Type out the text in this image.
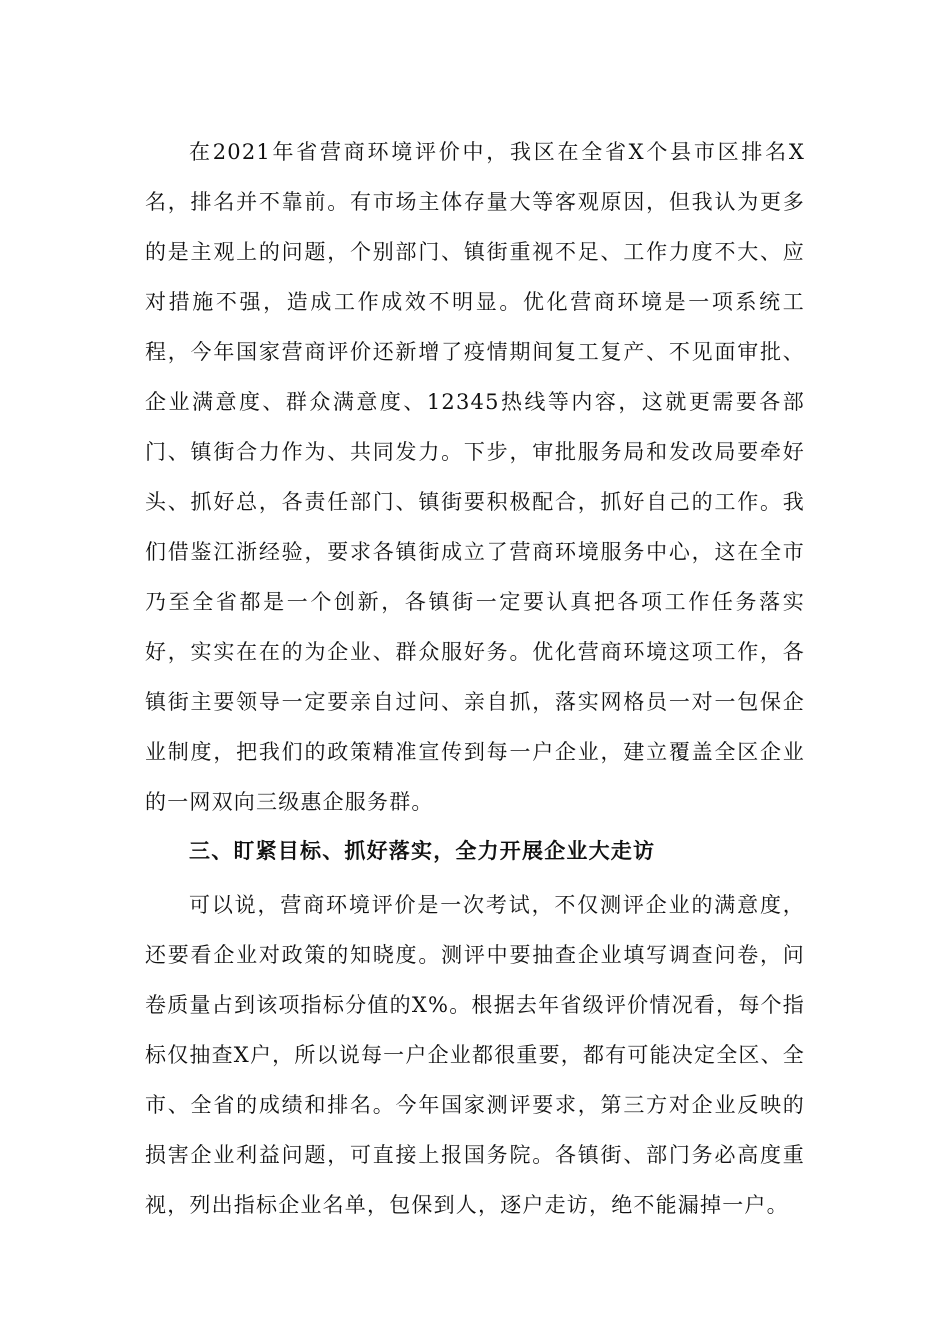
在2021年省营商环境评价中，我区在全省X个县市区排名X名，排名并不靠前。有市场主体存量大等客观原因，但我认为更多的是主观上的问题，个别部门、镇街重视不足、工作力度不大、应对措施不强，造成工作成效不明显。优化营商环境是一项系统工程，今年国家营商评价还新增了疫情期间复工复产、不见面审批、企业满意度、群众满意度、12345热线等内容，这就更需要各部门、镇街合力作为、共同发力。下步，审批服务局和发改局要牵好头、抓好总，各责任部门、镇街要积极配合，抓好自己的工作。我们借鉴江浙经验，要求各镇街成立了营商环境服务中心，这在全市乃至全省都是一个创新，各镇街一定要认真把各项工作任务落实好，实实在在的为企业、群众服好务。优化营商环境这项工作，各镇街主要领导一定要亲自过问、亲自抓，落实网格员一对一包保企业制度，把我们的政策精准宣传到每一户企业，建立覆盖全区企业的一网双向三级惠企服务群。

三、盯紧目标、抓好落实，全力开展企业大走访

可以说，营商环境评价是一次考试，不仅测评企业的满意度，还要看企业对政策的知晓度。测评中要抽查企业填写调查问卷，问卷质量占到该项指标分值的X%。根据去年省级评价情况看，每个指标仅抽查X户，所以说每一户企业都很重要，都有可能决定全区、全市、全省的成绩和排名。今年国家测评要求，第三方对企业反映的损害企业利益问题，可直接上报国务院。各镇街、部门务必高度重视，列出指标企业名单，包保到人，逐户走访，绝不能漏掉一户。
